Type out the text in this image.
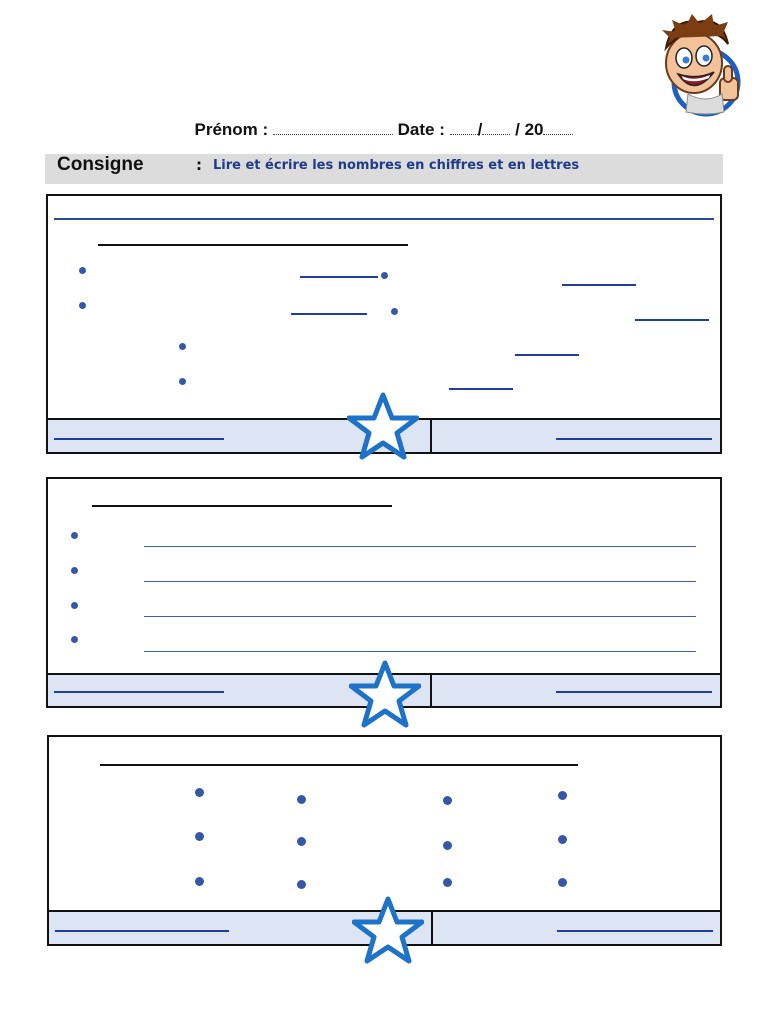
Prénom :	Date : / / 20
Consigne	: Lire et écrire les nombres en chiffres et en lettres
